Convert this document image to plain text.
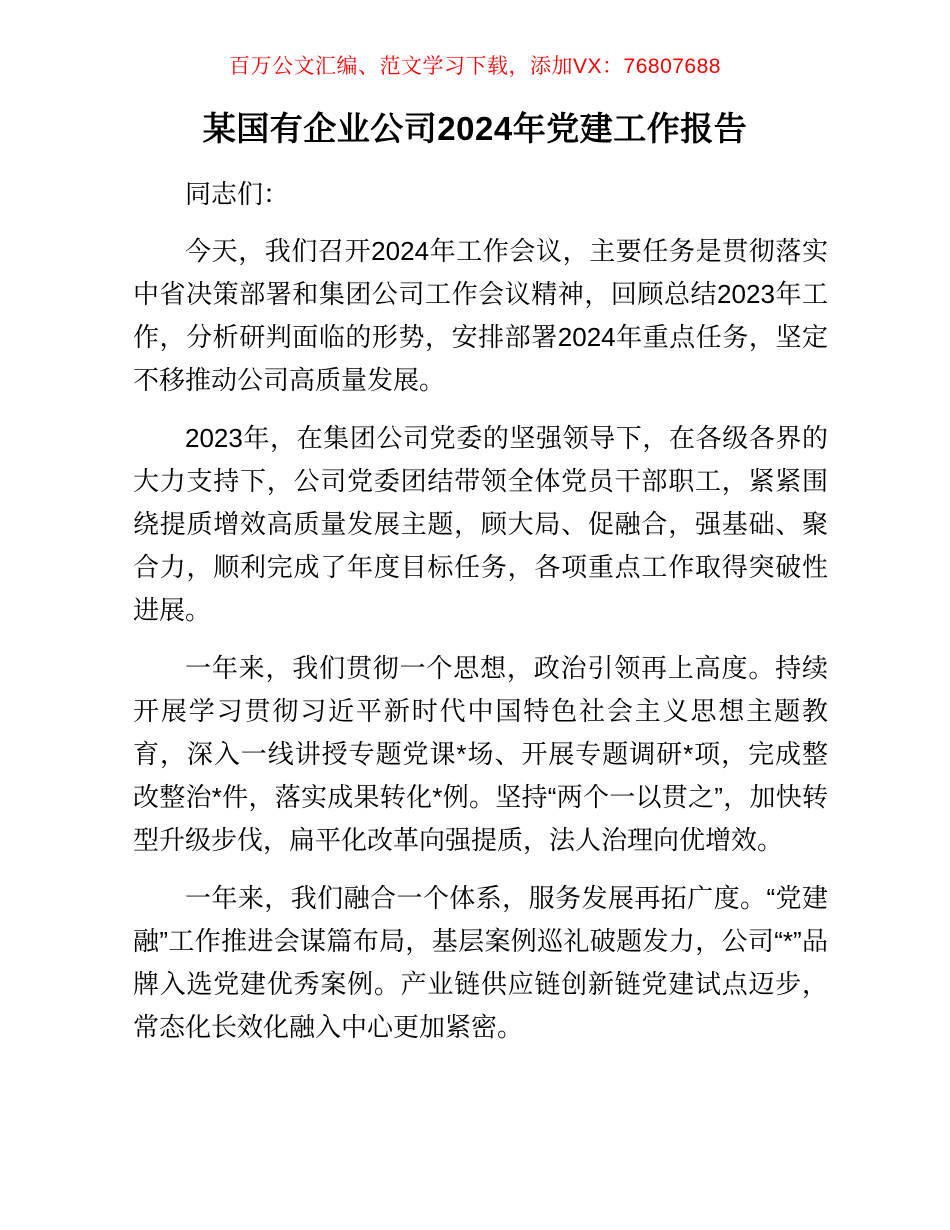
百万公文汇编、范文学习下载，添加VX：76807688
某国有企业公司2024年党建工作报告

同志们：

今天，我们召开2024年工作会议，主要任务是贯彻落实中省决策部署和集团公司工作会议精神，回顾总结2023年工作，分析研判面临的形势，安排部署2024年重点任务，坚定不移推动公司高质量发展。

2023年，在集团公司党委的坚强领导下，在各级各界的大力支持下，公司党委团结带领全体党员干部职工，紧紧围绕提质增效高质量发展主题，顾大局、促融合，强基础、聚合力，顺利完成了年度目标任务，各项重点工作取得突破性进展。

一年来，我们贯彻一个思想，政治引领再上高度。持续开展学习贯彻习近平新时代中国特色社会主义思想主题教育，深入一线讲授专题党课*场、开展专题调研*项，完成整改整治*件，落实成果转化*例。坚持“两个一以贯之”，加快转型升级步伐，扁平化改革向强提质，法人治理向优增效。

一年来，我们融合一个体系，服务发展再拓广度。“党建融”工作推进会谋篇布局，基层案例巡礼破题发力，公司“*”品牌入选党建优秀案例。产业链供应链创新链党建试点迈步，常态化长效化融入中心更加紧密。
